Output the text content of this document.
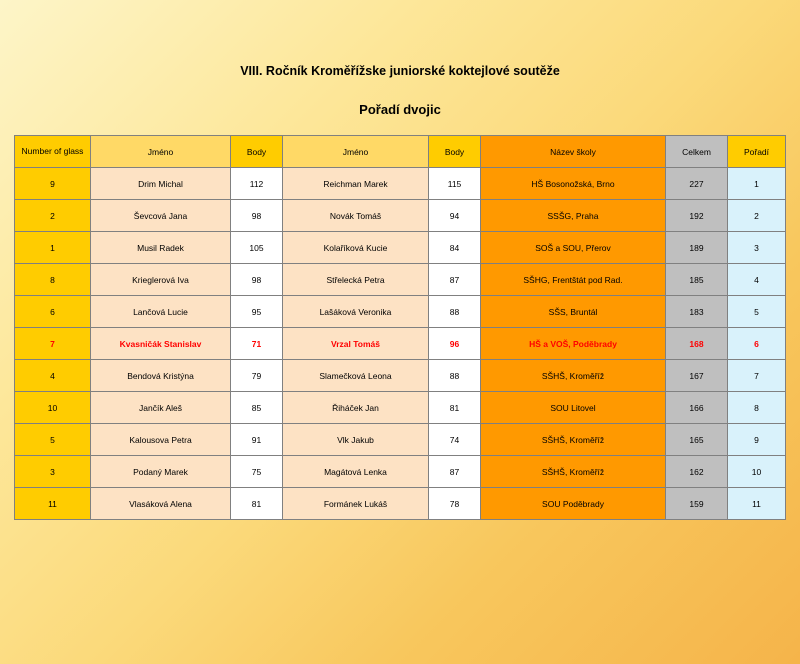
VIII. Ročník Kroměřížske juniorské koktejlové soutěže
Pořadí dvojic
Number of glass	Jméno	Body	Jméno	Body	Název školy	Celkem	Pořadí
9	Drim Michal	112	Reichman Marek	115	HŠ Bosonožská, Brno	227	1
2	Ševcová Jana	98	Novák Tomáš	94	SSŠG, Praha	192	2
1	Musil Radek	105	Kolaříková Kucie	84	SOŠ a SOU, Přerov	189	3
8	Krieglerová Iva	98	Střelecká Petra	87	SŠHG, Frentštát pod Rad.	185	4
6	Lančová Lucie	95	Lašáková Veronika	88	SŠS, Bruntál	183	5
7	Kvasničák Stanislav	71	Vrzal Tomáš	96	HŠ a VOŠ, Poděbrady	168	6
4	Bendová Kristýna	79	Slamečková Leona	88	SŠHŠ, Kroměříž	167	7
10	Jančík Aleš	85	Řiháček Jan	81	SOU Litovel	166	8
5	Kalousova Petra	91	Vlk Jakub	74	SŠHŠ, Kroměříž	165	9
3	Podaný Marek	75	Magátová Lenka	87	SŠHŠ, Kroměříž	162	10
11	Vlasáková Alena	81	Formánek Lukáš	78	SOU Poděbrady	159	11
